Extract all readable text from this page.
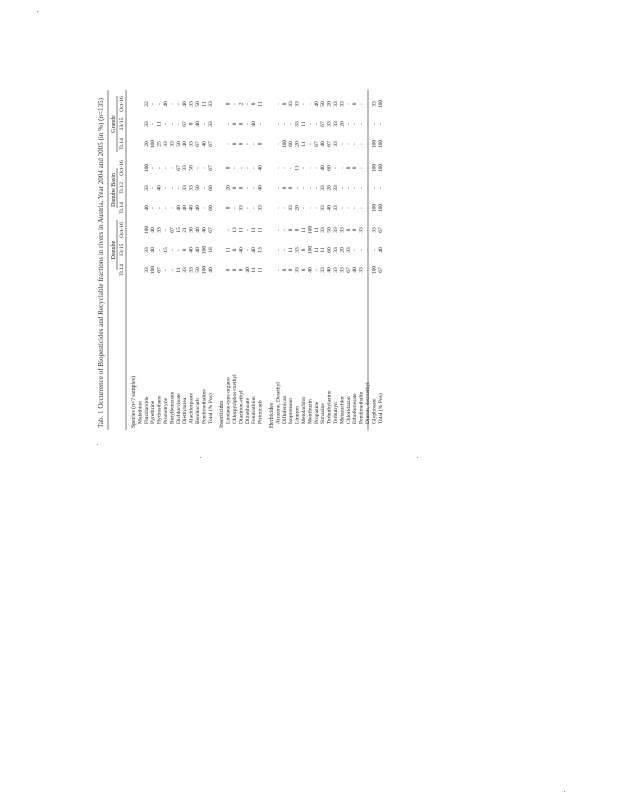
Tab. 1 Occurrence of Biopesticides and Recyclable fractions in rivers in Austria, Year 2004 and 2005 (in %) (n=135) Danube
Danube Basin
Grande
Tr.14
13/15
Oct-16
Tr.14
Tr.12
Oct-16
Tr.14
13/15
Oct-16
Species (n=? samples) Malathion Fluridamide
33
33
100
40
33
100
20
33
22
Pyrethrine
100
40
40
-
-
-
100
-
-
Hydrosthane
67
-
33
-
40
-
25
11
-
Prometryne
-
15
-
-
-
-
33
-
40
Butylbenzoate
-
-
67
-
-
-
33
-
-
Dichlorvinate
11
-
15
40
-
67
50
-
-
Diethylurea
33
8
21
40
33
33
40
67
40
Alachlorpaste
33
40
30
40
33
50
33
8
33
Bendiocarb
50
40
40
40
50
-
67
40
50
Pendimethaline
100
100
40
-
-
-
40
-
11
Total (% Pos)
40
18
67
60
60
67
67
33
33
Insecticides Lindane-type organo
8
11
-
8
20
8
-
-
8
Chlorpyriphos-methyl
8
8
13
-
8
-
8
8
-
Diazinon-ethyl
8
40
11
33
8
-
8
8
2
Dimethoate
40
-
-
-
-
-
-
-
-
Fenitrothion
11
40
11
-
-
-
-
40
8
Pirimicarb
11
13
11
33
40
40
8
-
11
Herbicides Atrazine, Desethyl
-
-
-
-
-
-
-
-
-
Diflufenican
8
-
-
-
8
-
100
-
8
Isoproturon
8
11
8
33
8
-
60
-
33
Linuron
33
33
8
20
-
11
20
33
33
Metolachlor
8
8
11
-
-
-
11
11
-
Metribuzin
40
100
100
-
-
-
-
-
-
Propazine
-
11
11
-
-
-
67
-
40
Simazine
33
11
33
33
33
40
40
67
50
Terbuthylazine
40
60
50
40
20
60
67
33
20
Terbutryn
33
33
33
33
33
-
33
33
33
Metazachlor
33
20
33
-
-
-
-
20
33
Chloridazon
67
33
8
-
-
8
-
-
-
Ethofumesate
40
-
8
-
-
8
-
-
8
Pendimethalin
33
-
33
-
-
-
-
-
-
Diuron, desmethyl Glyphosate
100
-
33
100
-
100
100
-
33
Total (% Pos)
67
40
67
100
-
100
100
-
100
